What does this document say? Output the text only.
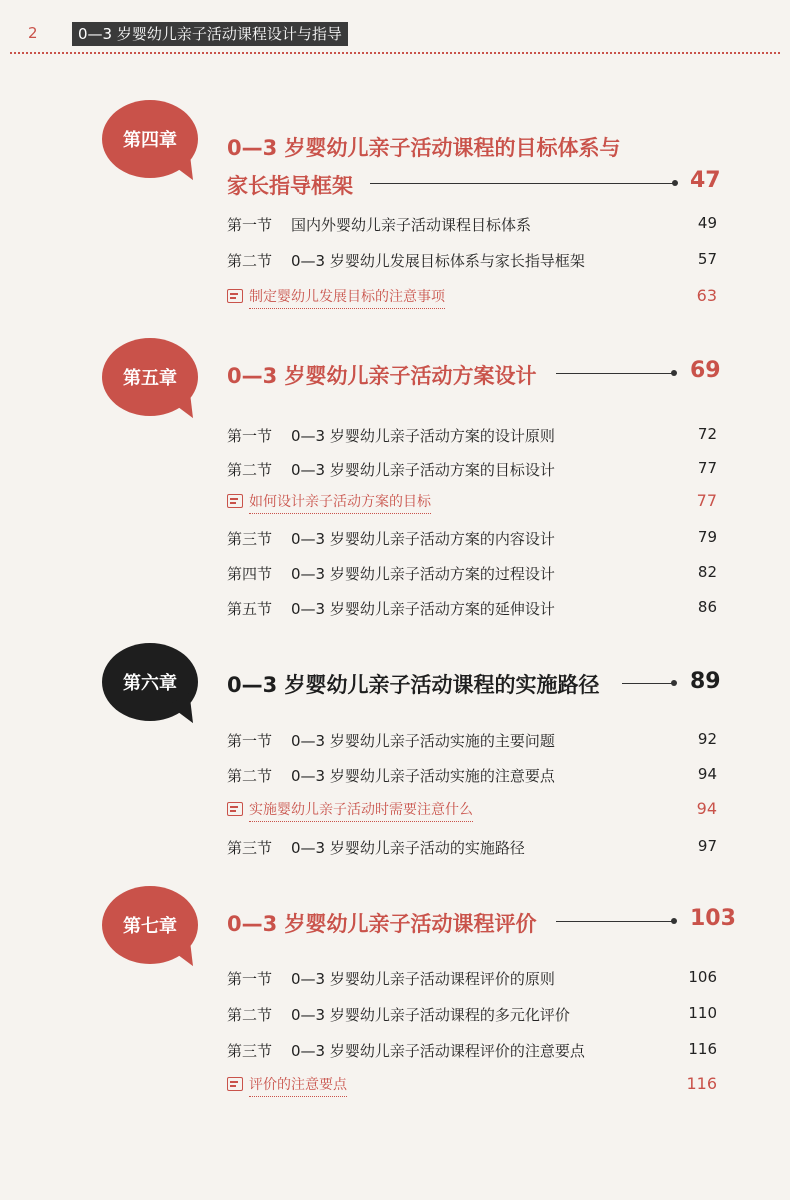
2	0—3 岁婴幼儿亲子活动课程设计与指导
第四章	0—3 岁婴幼儿亲子活动课程的目标体系与
家长指导框架	47
第一节 国内外婴幼儿亲子活动课程目标体系	49
第二节 0—3 岁婴幼儿发展目标体系与家长指导框架	57
制定婴幼儿发展目标的注意事项	63
第五章	0—3 岁婴幼儿亲子活动方案设计	69
第一节 0—3 岁婴幼儿亲子活动方案的设计原则	72
第二节 0—3 岁婴幼儿亲子活动方案的目标设计	77
如何设计亲子活动方案的目标	77
第三节 0—3 岁婴幼儿亲子活动方案的内容设计	79
第四节 0—3 岁婴幼儿亲子活动方案的过程设计	82
第五节 0—3 岁婴幼儿亲子活动方案的延伸设计	86
第六章	0—3 岁婴幼儿亲子活动课程的实施路径	89
第一节 0—3 岁婴幼儿亲子活动实施的主要问题	92
第二节 0—3 岁婴幼儿亲子活动实施的注意要点	94
实施婴幼儿亲子活动时需要注意什么	94
第三节 0—3 岁婴幼儿亲子活动的实施路径	97
第七章	0—3 岁婴幼儿亲子活动课程评价	103
第一节 0—3 岁婴幼儿亲子活动课程评价的原则	106
第二节 0—3 岁婴幼儿亲子活动课程的多元化评价	110
第三节 0—3 岁婴幼儿亲子活动课程评价的注意要点	116
评价的注意要点	116
